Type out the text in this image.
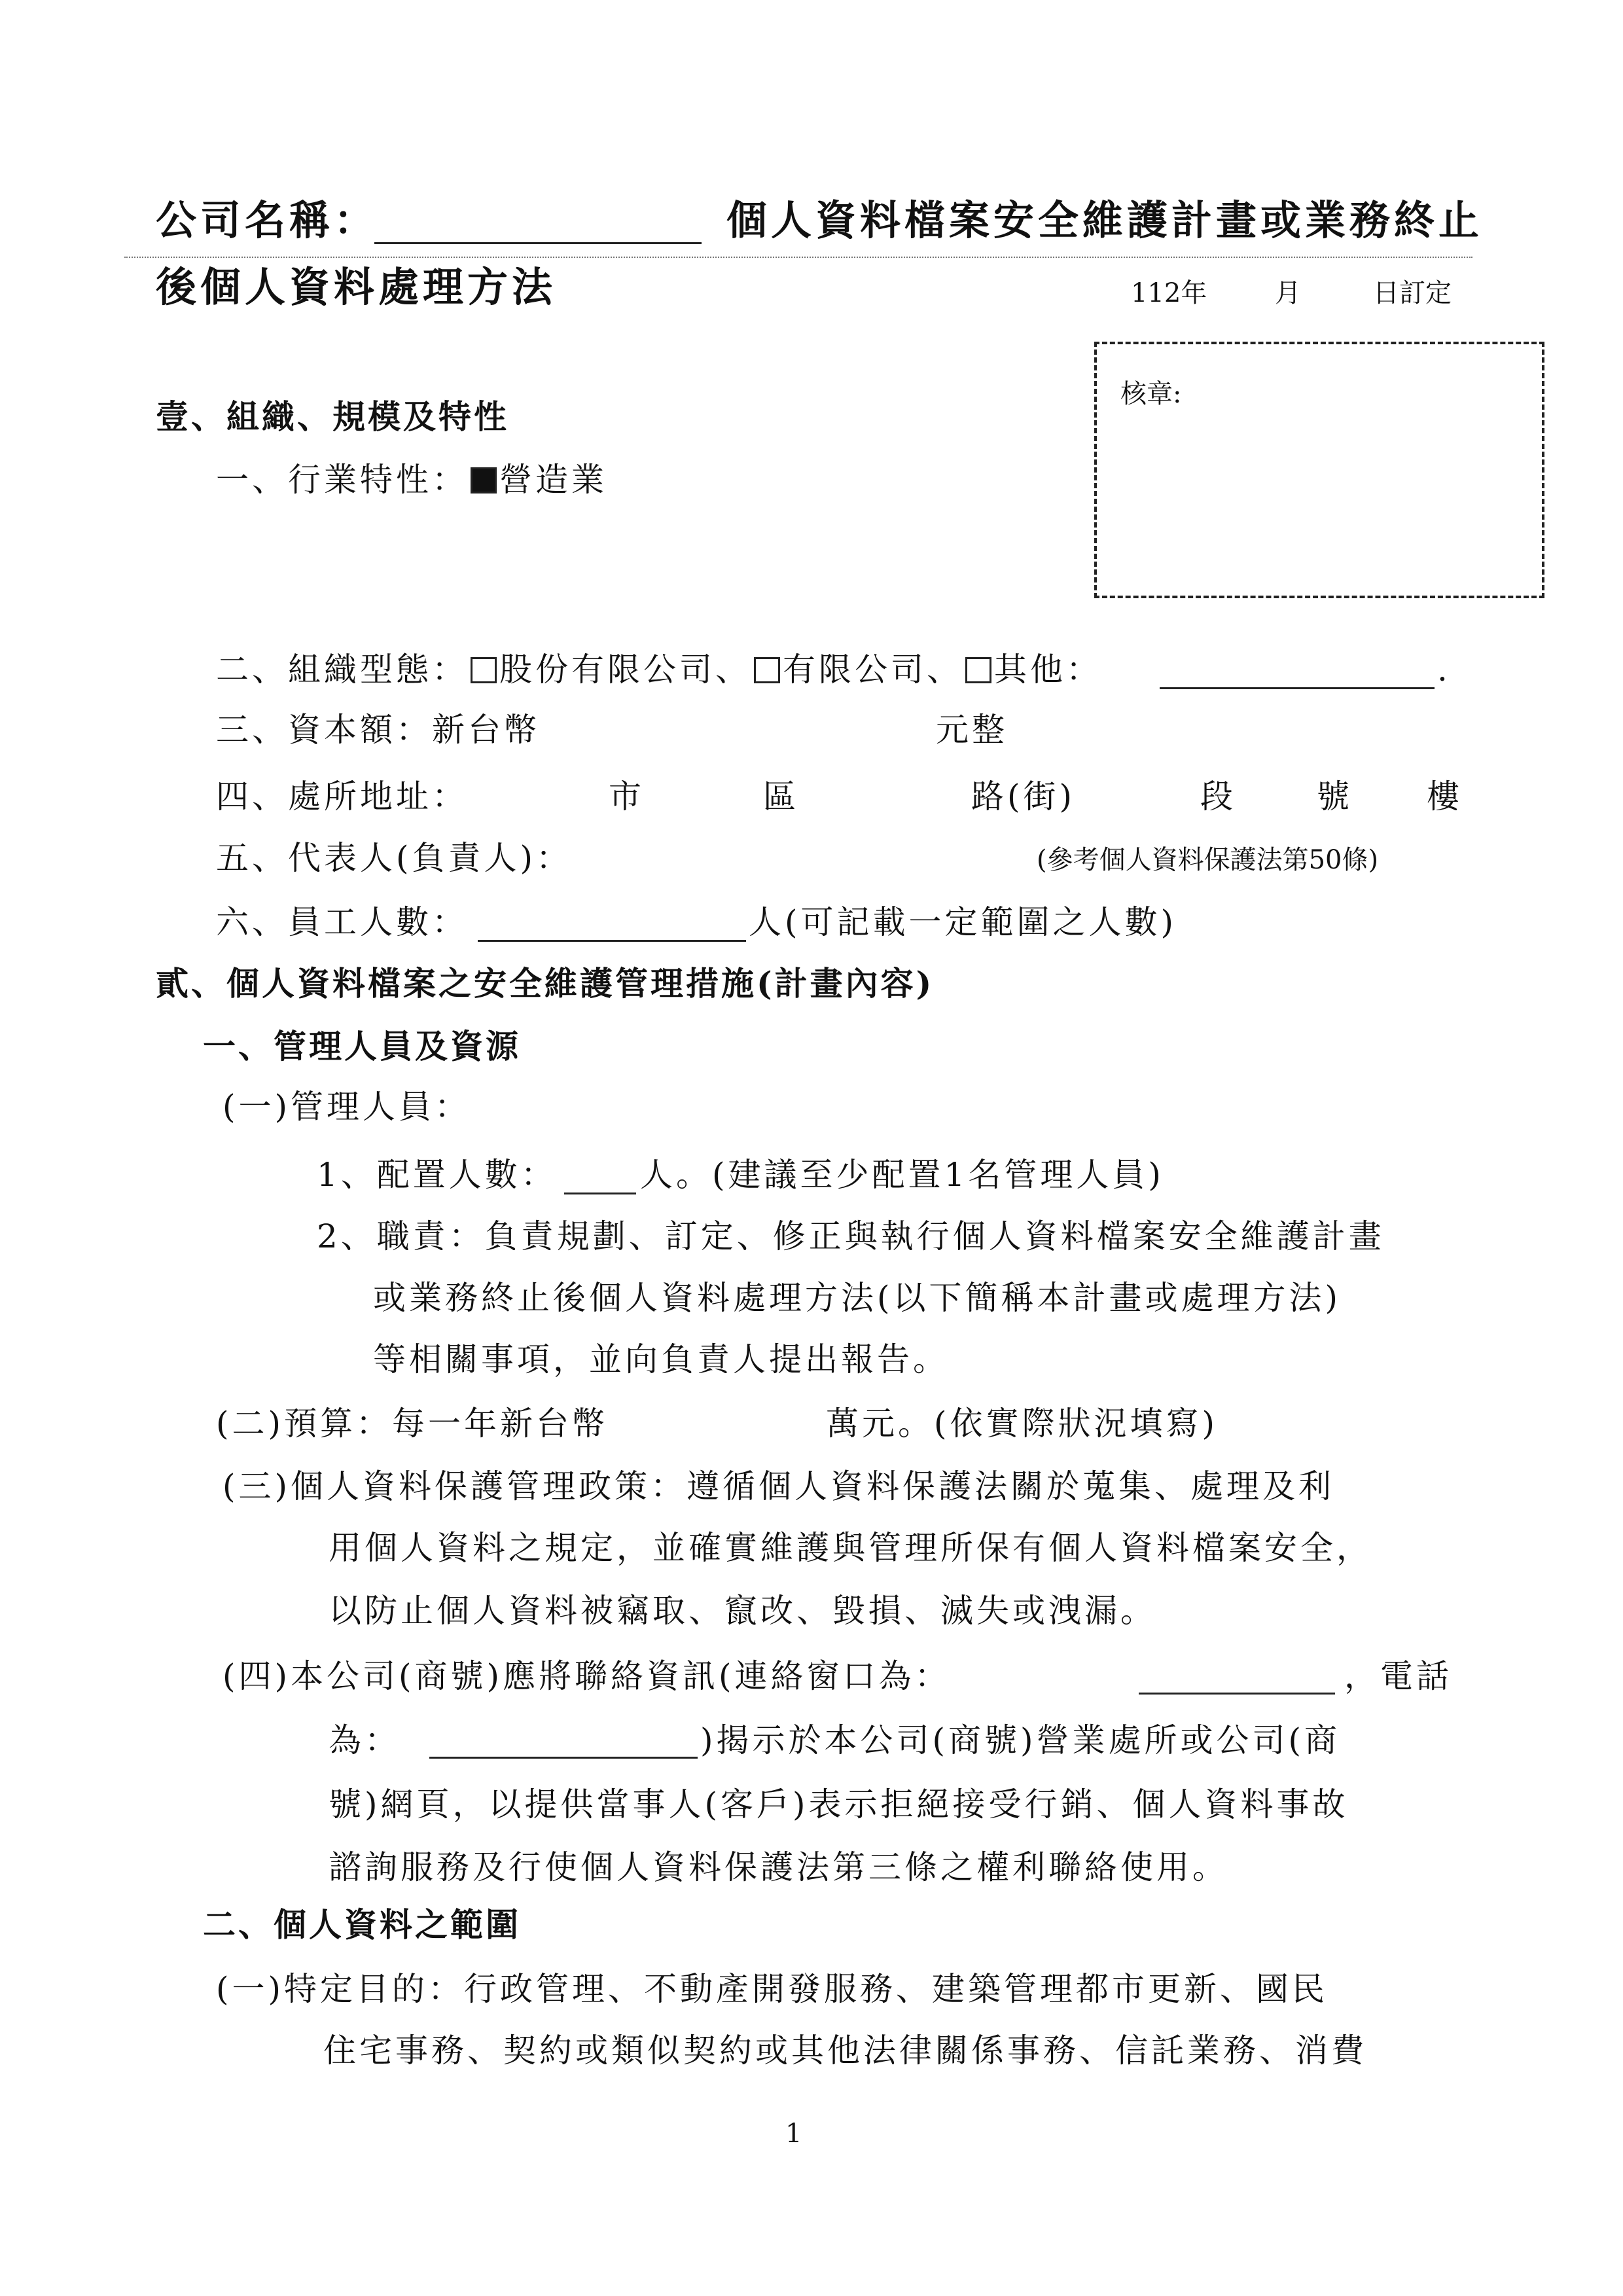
公司名稱：	個人資料檔案安全維護計畫或業務終止
後個人資料處理方法	112年	月	日訂定
核章:
壹、組織、規模及特性
一、行業特性： 營造業
二、組織型態： 股份有限公司、 有限公司、 其他：	.
三、資本額：新台幣	元整
四、處所地址：	市	區	路(街)	段 號 樓
五、代表人(負責人)：	(參考個人資料保護法第50條)
六、員工人數：	人(可記載一定範圍之人數)
貳、個人資料檔案之安全維護管理措施(計畫內容)
一、管理人員及資源
(一)管理人員：
1、配置人數：	人。(建議至少配置1名管理人員)
2、職責：負責規劃、訂定、修正與執行個人資料檔案安全維護計畫
或業務終止後個人資料處理方法(以下簡稱本計畫或處理方法)
等相關事項，並向負責人提出報告。
(二)預算：每一年新台幣	萬元。(依實際狀況填寫)
(三)個人資料保護管理政策：遵循個人資料保護法關於蒐集、處理及利
用個人資料之規定，並確實維護與管理所保有個人資料檔案安全，
以防止個人資料被竊取、竄改、毀損、滅失或洩漏。
(四)本公司(商號)應將聯絡資訊(連絡窗口為：	，電話
為：	)揭示於本公司(商號)營業處所或公司(商
號)網頁，以提供當事人(客戶)表示拒絕接受行銷、個人資料事故
諮詢服務及行使個人資料保護法第三條之權利聯絡使用。
二、個人資料之範圍
(一)特定目的：行政管理、不動產開發服務、建築管理都市更新、國民
住宅事務、契約或類似契約或其他法律關係事務、信託業務、消費
1
